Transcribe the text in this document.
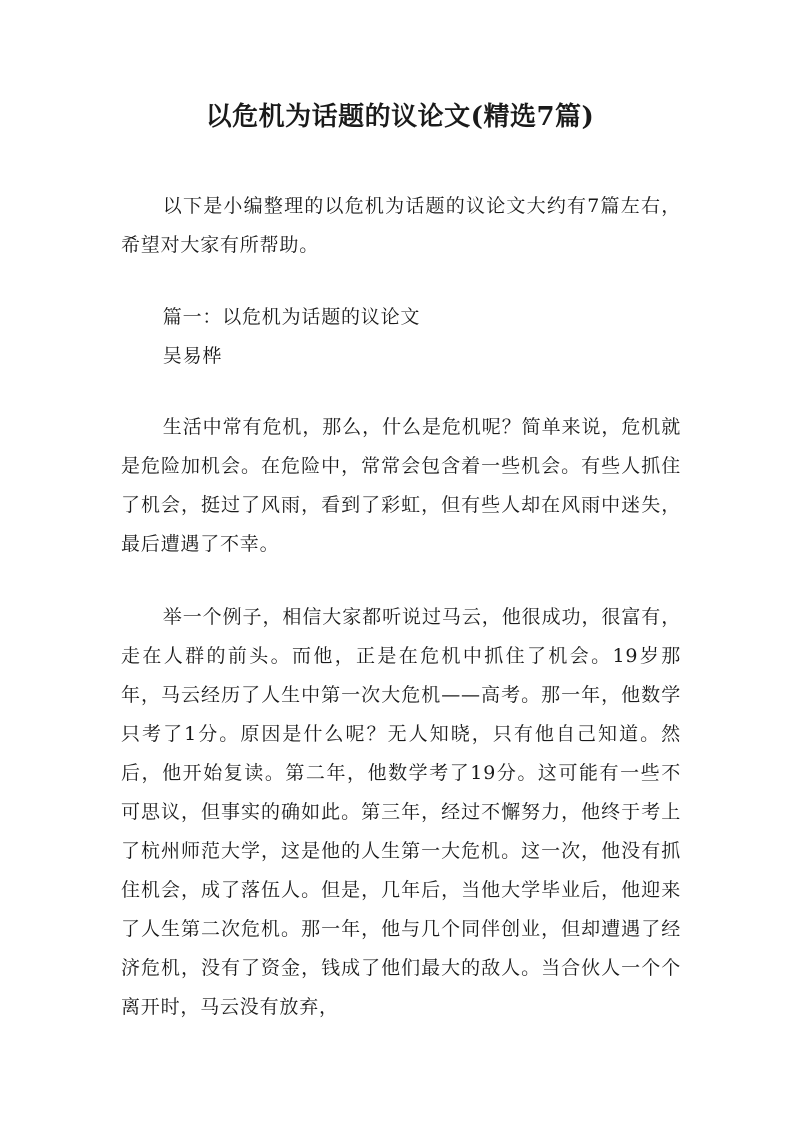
以危机为话题的议论文(精选7篇)

以下是小编整理的以危机为话题的议论文大约有7篇左右，希望对大家有所帮助。

篇一：以危机为话题的议论文

吴易桦

生活中常有危机，那么，什么是危机呢？简单来说，危机就是危险加机会。在危险中，常常会包含着一些机会。有些人抓住了机会，挺过了风雨，看到了彩虹，但有些人却在风雨中迷失，最后遭遇了不幸。

举一个例子，相信大家都听说过马云，他很成功，很富有，走在人群的前头。而他，正是在危机中抓住了机会。19岁那年，马云经历了人生中第一次大危机——高考。那一年，他数学只考了1分。原因是什么呢？无人知晓，只有他自己知道。然后，他开始复读。第二年，他数学考了19分。这可能有一些不可思议，但事实的确如此。第三年，经过不懈努力，他终于考上了杭州师范大学，这是他的人生第一大危机。这一次，他没有抓住机会，成了落伍人。但是，几年后，当他大学毕业后，他迎来了人生第二次危机。那一年，他与几个同伴创业，但却遭遇了经济危机，没有了资金，钱成了他们最大的敌人。当合伙人一个个离开时，马云没有放弃，
